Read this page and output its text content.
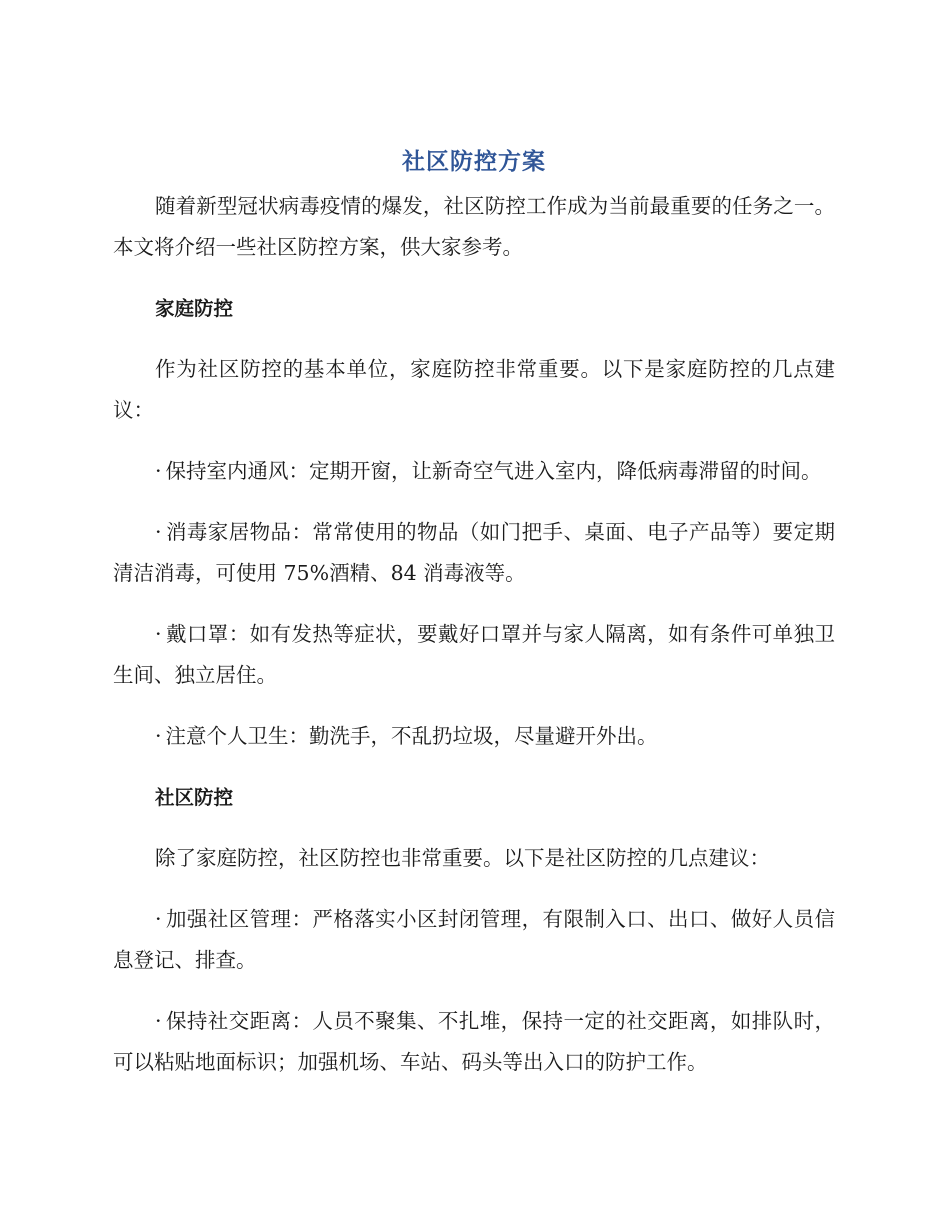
社区防控方案

随着新型冠状病毒疫情的爆发，社区防控工作成为当前最重要的任务之一。本文将介绍一些社区防控方案，供大家参考。

家庭防控

作为社区防控的基本单位，家庭防控非常重要。以下是家庭防控的几点建议：

· 保持室内通风：定期开窗，让新奇空气进入室内，降低病毒滞留的时间。

· 消毒家居物品：常常使用的物品（如门把手、桌面、电子产品等）要定期清洁消毒，可使用 75%酒精、84 消毒液等。

· 戴口罩：如有发热等症状，要戴好口罩并与家人隔离，如有条件可单独卫生间、独立居住。

· 注意个人卫生：勤洗手，不乱扔垃圾，尽量避开外出。

社区防控

除了家庭防控，社区防控也非常重要。以下是社区防控的几点建议：

· 加强社区管理：严格落实小区封闭管理，有限制入口、出口、做好人员信息登记、排查。

· 保持社交距离：人员不聚集、不扎堆，保持一定的社交距离，如排队时，可以粘贴地面标识；加强机场、车站、码头等出入口的防护工作。
